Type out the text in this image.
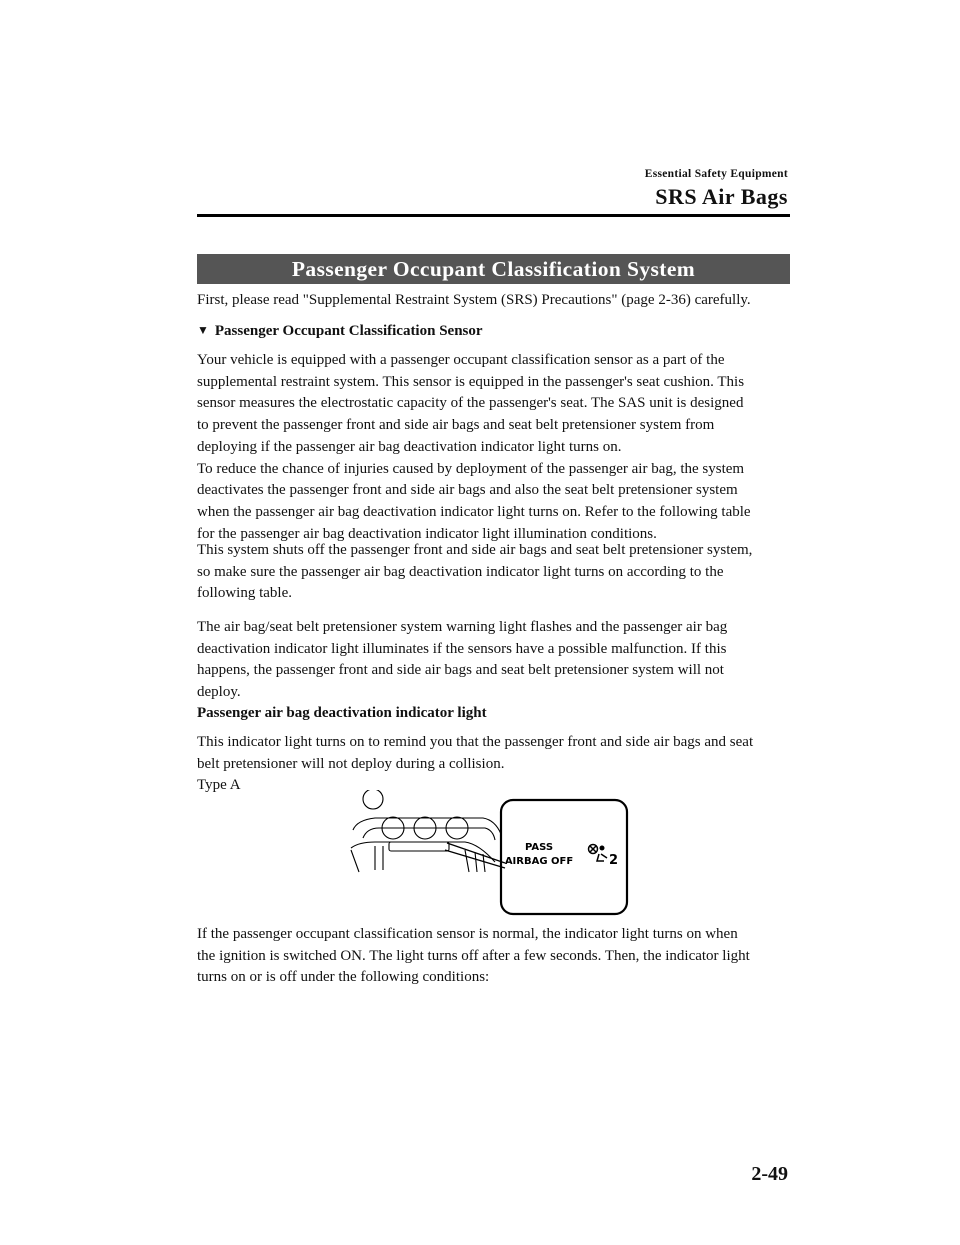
Essential Safety Equipment
SRS Air Bags
Passenger Occupant Classification System

First, please read "Supplemental Restraint System (SRS) Precautions" (page 2-36) carefully.

▼ Passenger Occupant Classification Sensor

Your vehicle is equipped with a passenger occupant classification sensor as a part of the
supplemental restraint system. This sensor is equipped in the passenger's seat cushion. This
sensor measures the electrostatic capacity of the passenger's seat. The SAS unit is designed
to prevent the passenger front and side air bags and seat belt pretensioner system from
deploying if the passenger air bag deactivation indicator light turns on.
To reduce the chance of injuries caused by deployment of the passenger air bag, the system
deactivates the passenger front and side air bags and also the seat belt pretensioner system
when the passenger air bag deactivation indicator light turns on. Refer to the following table
for the passenger air bag deactivation indicator light illumination conditions.
This system shuts off the passenger front and side air bags and seat belt pretensioner system,
so make sure the passenger air bag deactivation indicator light turns on according to the
following table.
The air bag/seat belt pretensioner system warning light flashes and the passenger air bag
deactivation indicator light illuminates if the sensors have a possible malfunction. If this
happens, the passenger front and side air bags and seat belt pretensioner system will not
deploy.

Passenger air bag deactivation indicator light

This indicator light turns on to remind you that the passenger front and side air bags and seat
belt pretensioner will not deploy during a collision.
Type A
PASS
AIRBAG OFF	2
If the passenger occupant classification sensor is normal, the indicator light turns on when
the ignition is switched ON. The light turns off after a few seconds. Then, the indicator light
turns on or is off under the following conditions:
2-49
